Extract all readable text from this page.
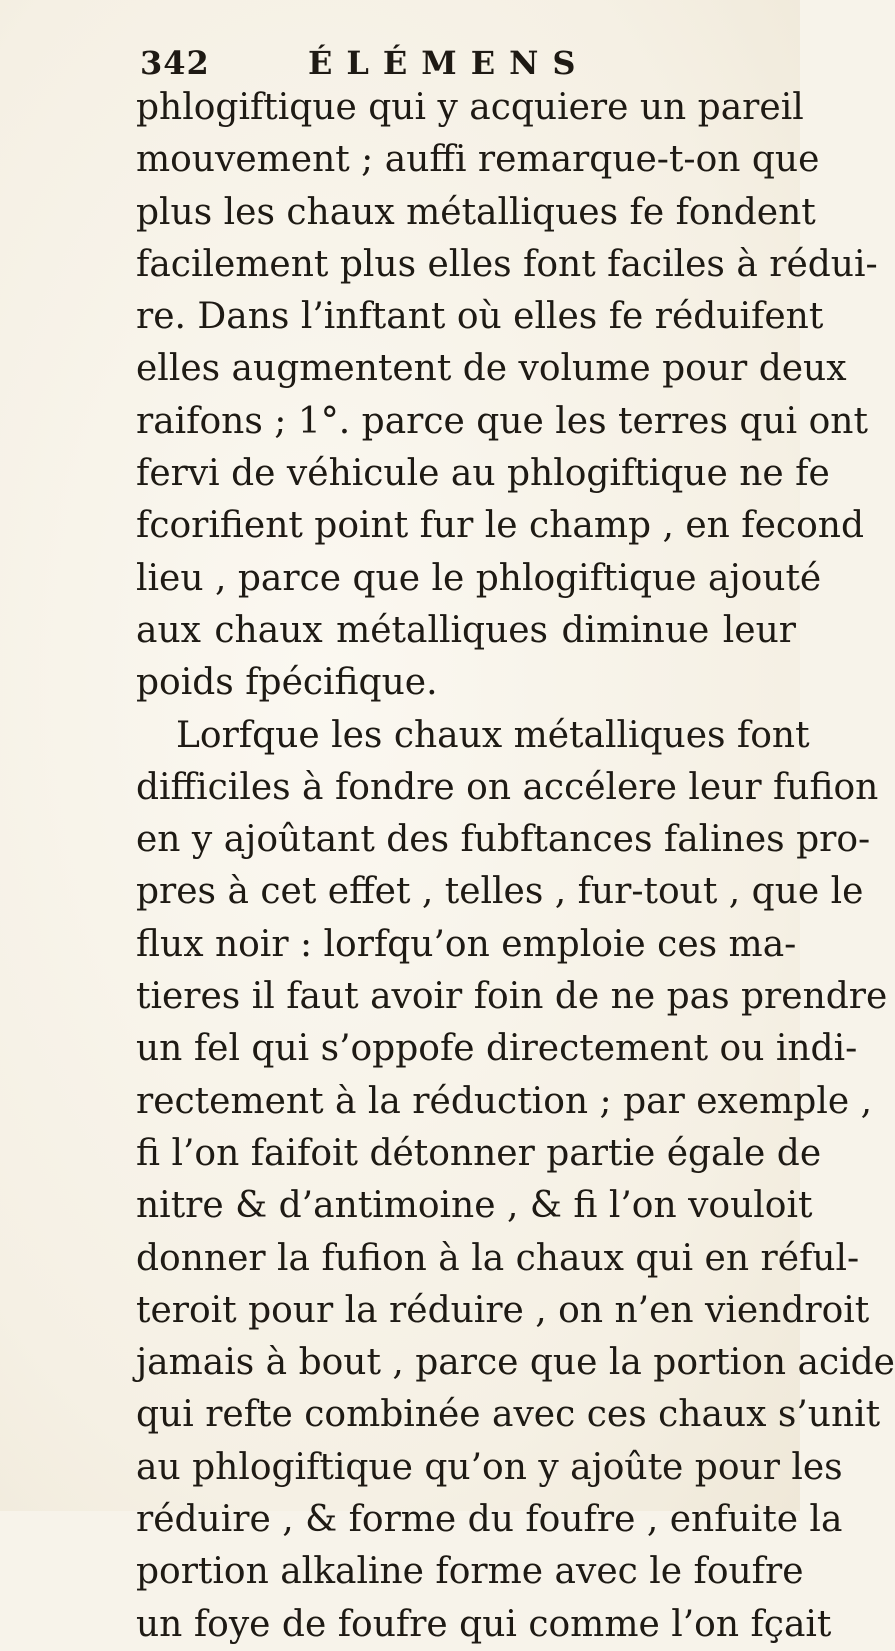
342	ÉLÉMENS
phlogiftique qui y acquiere un pareil
mouvement ; auffi remarque-t-on que
plus les chaux métalliques fe fondent
facilement plus elles font faciles à rédui-
re. Dans l’inftant où elles fe réduifent
elles augmentent de volume pour deux
raifons ; 1°. parce que les terres qui ont
fervi de véhicule au phlogiftique ne fe
fcorifient point fur le champ , en fecond
lieu , parce que le phlogiftique ajouté
aux chaux métalliques diminue leur
poids fpécifique.
Lorfque les chaux métalliques font
difficiles à fondre on accélere leur fufion
en y ajoûtant des fubftances falines pro-
pres à cet effet , telles , fur-tout , que le
flux noir : lorfqu’on emploie ces ma-
tieres il faut avoir foin de ne pas prendre
un fel qui s’oppofe directement ou indi-
rectement à la réduction ; par exemple ,
fi l’on faifoit détonner partie égale de
nitre & d’antimoine , & fi l’on vouloit
donner la fufion à la chaux qui en réful-
teroit pour la réduire , on n’en viendroit
jamais à bout , parce que la portion acide
qui refte combinée avec ces chaux s’unit
au phlogiftique qu’on y ajoûte pour les
réduire , & forme du foufre , enfuite la
portion alkaline forme avec le foufre
un foye de foufre qui comme l’on fçait
